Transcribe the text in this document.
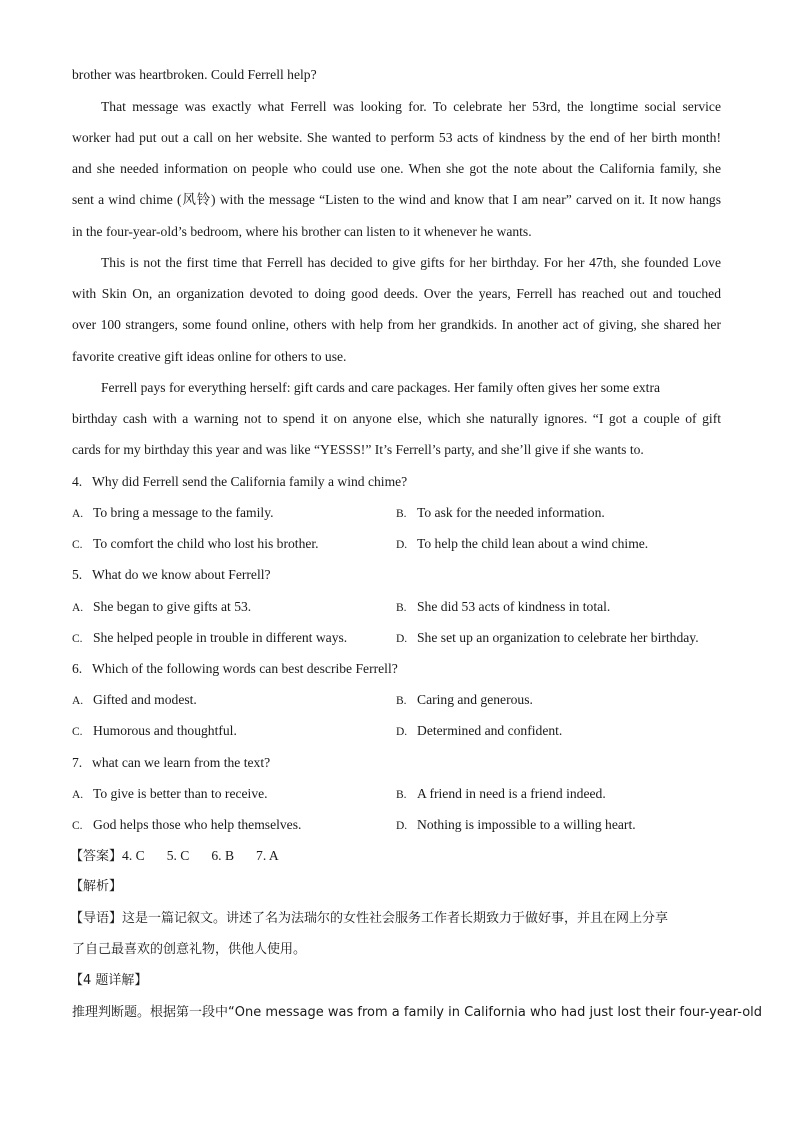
brother was heartbroken. Could Ferrell help?
That message was exactly what Ferrell was looking for. To celebrate her 53rd, the longtime social service
worker had put out a call on her website. She wanted to perform 53 acts of kindness by the end of her birth month!
and she needed information on people who could use one. When she got the note about the California family, she
sent a wind chime (风铃) with the message “Listen to the wind and know that I am near” carved on it. It now hangs
in the four-year-old’s bedroom, where his brother can listen to it whenever he wants.
This is not the first time that Ferrell has decided to give gifts for her birthday. For her 47th, she founded Love
with Skin On, an organization devoted to doing good deeds. Over the years, Ferrell has reached out and touched
over 100 strangers, some found online, others with help from her grandkids. In another act of giving, she shared her
favorite creative gift ideas online for others to use.
Ferrell pays for everything herself: gift cards and care packages. Her family often gives her some extra
birthday cash with a warning not to spend it on anyone else, which she naturally ignores. “I got a couple of gift
cards for my birthday this year and was like “YESSS!” It’s Ferrell’s party, and she’ll give if she wants to.
4. Why did Ferrell send the California family a wind chime?
A. To bring a message to the family.	B. To ask for the needed information.
C. To comfort the child who lost his brother.	D. To help the child lean about a wind chime.
5. What do we know about Ferrell?
A. She began to give gifts at 53.	B. She did 53 acts of kindness in total.
C. She helped people in trouble in different ways.	D. She set up an organization to celebrate her birthday.
6. Which of the following words can best describe Ferrell?
A. Gifted and modest.	B. Caring and generous.
C. Humorous and thoughtful.	D. Determined and confident.
7. what can we learn from the text?
A. To give is better than to receive.	B. A friend in need is a friend indeed.
C. God helps those who help themselves.	D. Nothing is impossible to a willing heart.
【答案】4. C 5. C 6. B 7. A
【解析】
【导语】这是一篇记叙文。讲述了名为法瑞尔的女性社会服务工作者长期致力于做好事，并且在网上分享
了自己最喜欢的创意礼物，供他人使用。
【4 题详解】
推理判断题。根据第一段中“One message was from a family in California who had just lost their four-year-old
